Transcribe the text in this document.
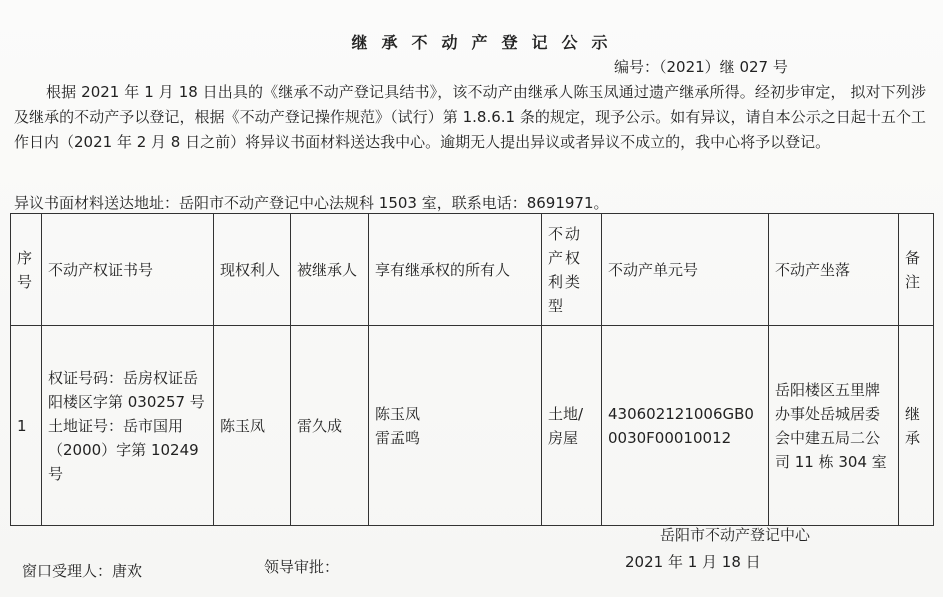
继承不动产登记公示
编号：（2021）继 027 号

根据 2021 年 1 月 18 日出具的《继承不动产登记具结书》，该不动产由继承人陈玉凤通过遗产继承所得。经初步审定， 拟对下列涉及继承的不动产予以登记，根据《不动产登记操作规范》（试行）第 1.8.6.1 条的规定，现予公示。如有异议，请自本公示之日起十五个工作日内（2021 年 2 月 8 日之前）将异议书面材料送达我中心。逾期无人提出异议或者异议不成立的，我中心将予以登记。

异议书面材料送达地址：岳阳市不动产登记中心法规科 1503 室，联系电话：8691971。
序号	不动产权证书号	现权利人	被继承人	享有继承权的所有人	不动产权利类型	不动产单元号	不动产坐落	备注
1	权证号码：岳房权证岳阳楼区字第 030257 号 土地证号：岳市国用（2000）字第 10249 号	陈玉凤	雷久成	陈玉凤
雷孟鸣	土地/房屋	430602121006GB00030F00010012	岳阳楼区五里牌办事处岳城居委会中建五局二公司 11 栋 304 室	继承
岳阳市不动产登记中心
2021 年 1 月 18 日
窗口受理人：唐欢	领导审批：
